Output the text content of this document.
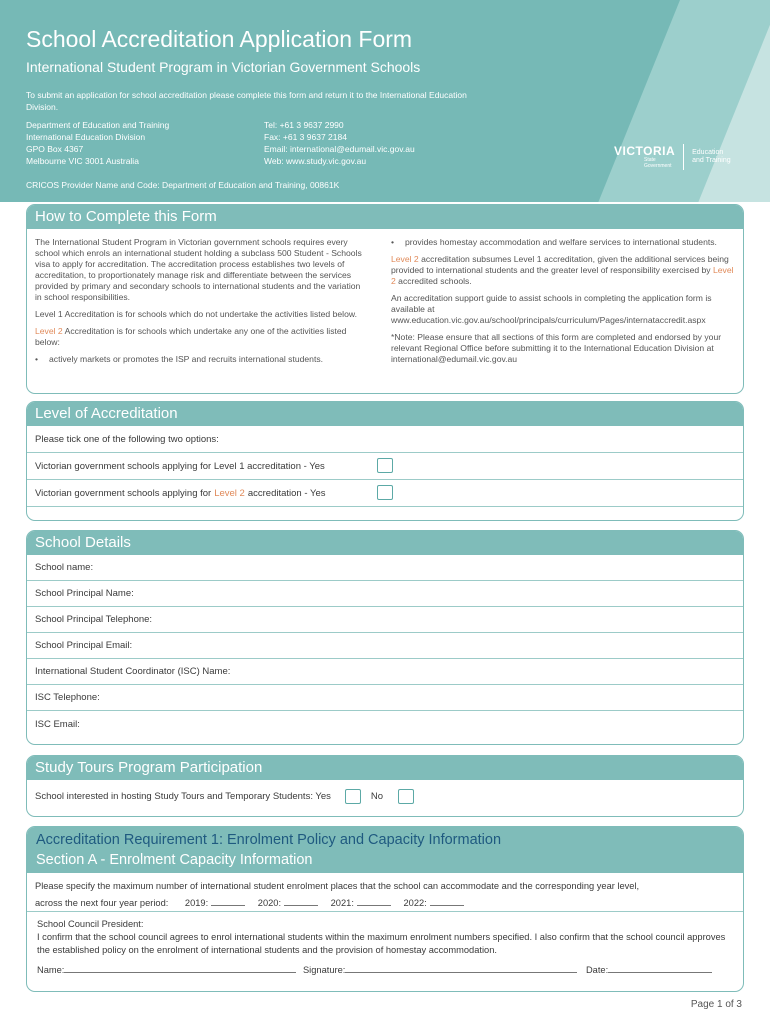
School Accreditation Application Form
International Student Program in Victorian Government Schools
To submit an application for school accreditation please complete this form and return it to the International Education Division.
Department of Education and Training
International Education Division
GPO Box 4367
Melbourne VIC 3001 Australia
Tel: +61 3 9637 2990
Fax: +61 3 9637 2184
Email: international@edumail.vic.gov.au
Web: www.study.vic.gov.au
CRICOS Provider Name and Code: Department of Education and Training, 00861K
VICTORIA
State
Government
Education
and Training
How to Complete this Form

The International Student Program in Victorian government schools requires every school which enrols an international student holding a subclass 500 Student - Schools visa to apply for accreditation. The accreditation process establishes two levels of accreditation, to proportionately manage risk and differentiate between the services provided by primary and secondary schools to international students and the variation in school responsibilities.

Level 1 Accreditation is for schools which do not undertake the activities listed below.

Level 2 Accreditation is for schools which undertake any one of the activities listed below:

•	actively markets or promotes the ISP and recruits international students.
•	provides homestay accommodation and welfare services to international students.

Level 2 accreditation subsumes Level 1 accreditation, given the additional services being provided to international students and the greater level of responsibility exercised by Level 2 accredited schools.

An accreditation support guide to assist schools in completing the application form is available at www.education.vic.gov.au/school/principals/curriculum/Pages/internataccredit.aspx

*Note: Please ensure that all sections of this form are completed and endorsed by your relevant Regional Office before submitting it to the International Education Division at international@edumail.vic.gov.au

Level of Accreditation
Please tick one of the following two options:
Victorian government schools applying for Level 1 accreditation - Yes
Victorian government schools applying for Level 2 accreditation - Yes
School Details
School name:
School Principal Name:
School Principal Telephone:
School Principal Email:
International Student Coordinator (ISC) Name:
ISC Telephone:
ISC Email:
Study Tours Program Participation
School interested in hosting Study Tours and Temporary Students: Yes	No
Accreditation Requirement 1: Enrolment Policy and Capacity Information
Section A - Enrolment Capacity Information
Please specify the maximum number of international student enrolment places that the school can accommodate and the corresponding year level,
across the next four year period: 2019:	2020:	2021:	2022:
School Council President:
I confirm that the school council agrees to enrol international students within the maximum enrolment numbers specified. I also confirm that the school council approves the established policy on the enrolment of international students and the provision of homestay accommodation.
Name:	Signature:	Date:
Page 1 of 3
